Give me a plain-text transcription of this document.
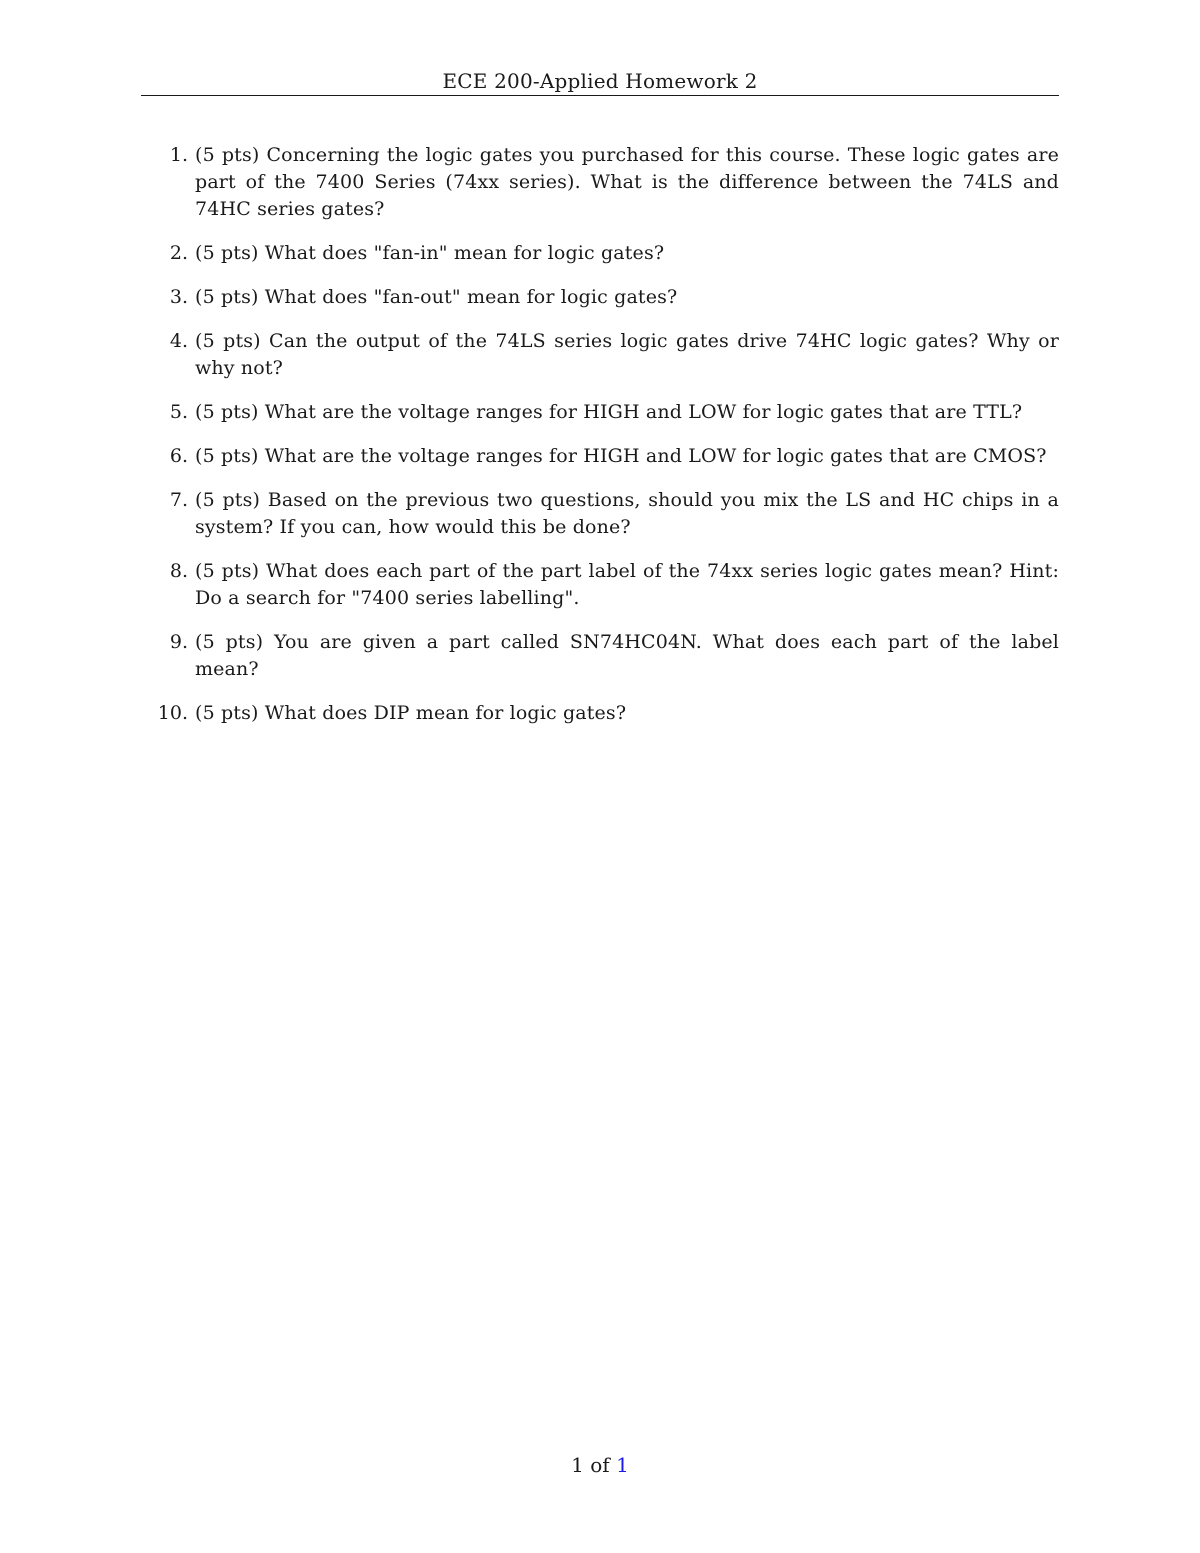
ECE 200-Applied Homework 2
1. (5 pts) Concerning the logic gates you purchased for this course. These logic gates are part of the 7400 Series (74xx series). What is the difference between the 74LS and 74HC series gates?
2. (5 pts) What does "fan-in" mean for logic gates?
3. (5 pts) What does "fan-out" mean for logic gates?
4. (5 pts) Can the output of the 74LS series logic gates drive 74HC logic gates? Why or why not?
5. (5 pts) What are the voltage ranges for HIGH and LOW for logic gates that are TTL?
6. (5 pts) What are the voltage ranges for HIGH and LOW for logic gates that are CMOS?
7. (5 pts) Based on the previous two questions, should you mix the LS and HC chips in a system? If you can, how would this be done?
8. (5 pts) What does each part of the part label of the 74xx series logic gates mean? Hint: Do a search for "7400 series labelling".
9. (5 pts) You are given a part called SN74HC04N. What does each part of the label mean?
10. (5 pts) What does DIP mean for logic gates?
1 of 1
